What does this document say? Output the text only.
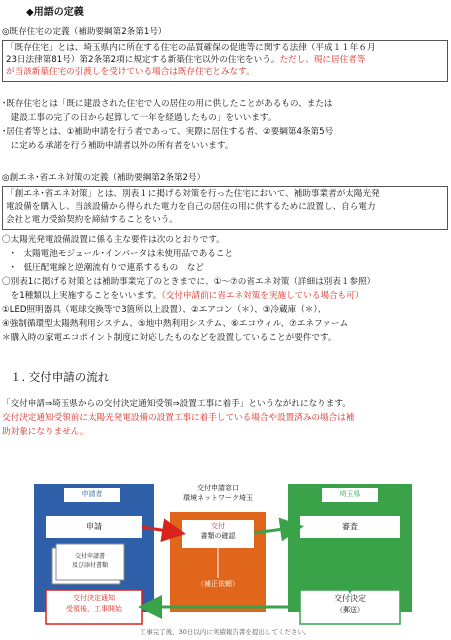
◆用語の定義
◎既存住宅の定義（補助要綱第2条第1号）
「既存住宅」とは、埼玉県内に所在する住宅の品質確保の促進等に関する法律（平成１１年６月
23日法律第81号）第2条第2項に規定する新築住宅以外の住宅をいう。ただし、現に居住者等
が当該新築住宅の引渡しを受けている場合は既存住宅とみなす。
･既存住宅とは「既に建設された住宅で人の居住の用に供したことがあるもの、または
　建設工事の完了の日から起算して一年を経過したもの」をいいます。
･居住者等とは、①補助申請を行う者であって、実際に居住する者、②要綱第4条第5号
　に定める承諾を行う補助申請者以外の所有者をいいます。
◎創エネ･省エネ対策の定義（補助要綱第2条第2号）
「創エネ･省エネ対策」とは、別表１に掲げる対策を行った住宅において、補助事業者が太陽光発
電設備を購入し、当該設備から得られた電力を自己の居住の用に供するために設置し、自ら電力
会社と電力受給契約を締結することをいう。
〇太陽光発電設備設置に係る主な要件は次のとおりです。
　･　太陽電池モジュール･インバータは未使用品であること
　･　低圧配電線と逆潮流有りで連系するもの　など
〇別表1に掲げる対策とは補助事業完了のときまでに、①～⑦の省エネ対策（詳細は別表１参照）
　を1種類以上実施することをいいます。（交付申請前に省エネ対策を実施している場合も可）
①LED照明器具（電球交換等で3箇所以上設置）、②エアコン（＊）、③冷蔵庫（＊）、
④強制循環型太陽熱利用システム、⑤地中熱利用システム、⑥エコウィル、⑦エネファーム
＊購入時の家電エコポイント制度に対応したものなどを設置していることが要件です。
１. 交付申請の流れ
「交付申請⇒埼玉県からの交付決定通知受領⇒設置工事に着手」というながれになります。
交付決定通知受領前に太陽光発電設備の設置工事に着手している場合や設置済みの場合は補
助対象になりません。
申請者
交付申請窓口
環境ネットワーク埼玉	埼玉県
申請	交付
書類の確認
審査
交付申請書
及び添付書類
（補正依頼）
交付決定通知
受領後、工事開始
交付決定
（郵送）
工事完了後、30日以内に実績報告書を提出してください。
